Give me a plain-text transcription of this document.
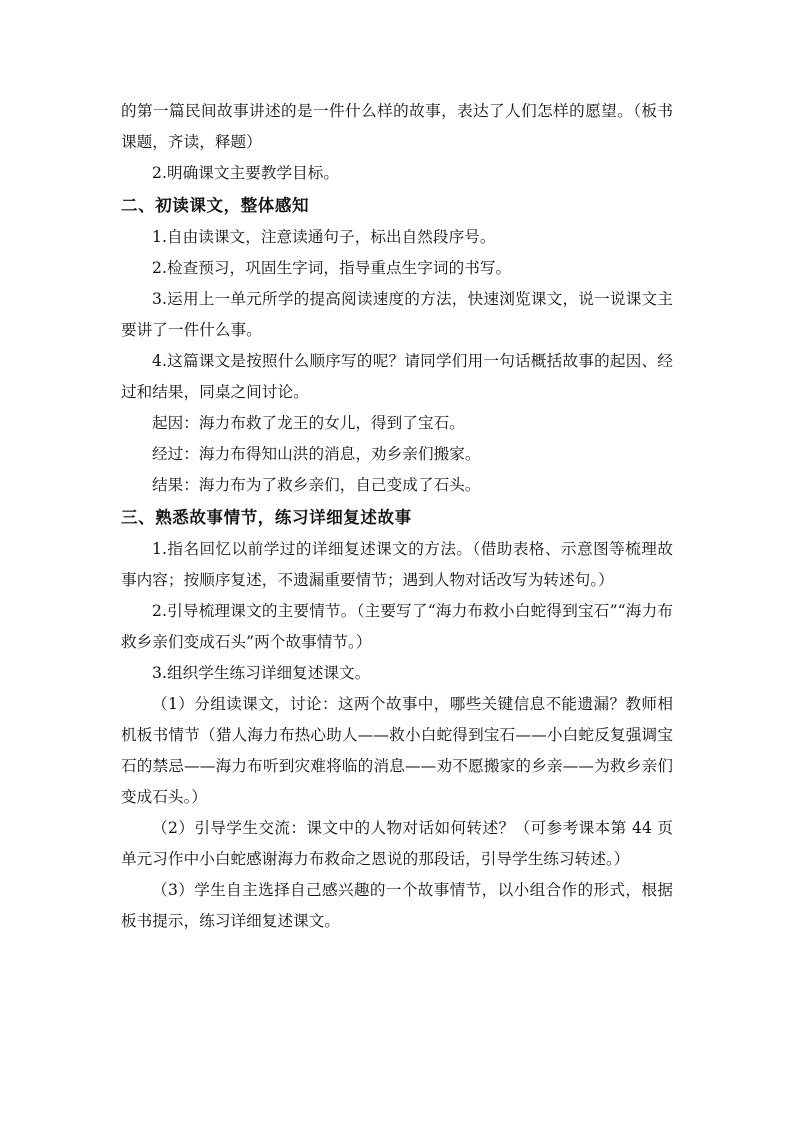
的第一篇民间故事讲述的是一件什么样的故事，表达了人们怎样的愿望。（板书课题，齐读，释题）

2.明确课文主要教学目标。

二、初读课文，整体感知

1.自由读课文，注意读通句子，标出自然段序号。

2.检查预习，巩固生字词，指导重点生字词的书写。

3.运用上一单元所学的提高阅读速度的方法，快速浏览课文，说一说课文主要讲了一件什么事。

4.这篇课文是按照什么顺序写的呢？请同学们用一句话概括故事的起因、经过和结果，同桌之间讨论。

起因：海力布救了龙王的女儿，得到了宝石。

经过：海力布得知山洪的消息，劝乡亲们搬家。

结果：海力布为了救乡亲们，自己变成了石头。

三、熟悉故事情节，练习详细复述故事

1.指名回忆以前学过的详细复述课文的方法。（借助表格、示意图等梳理故事内容；按顺序复述，不遗漏重要情节；遇到人物对话改写为转述句。）

2.引导梳理课文的主要情节。（主要写了“海力布救小白蛇得到宝石”“海力布救乡亲们变成石头”两个故事情节。）

3.组织学生练习详细复述课文。

（1）分组读课文，讨论：这两个故事中，哪些关键信息不能遗漏？教师相机板书情节（猎人海力布热心助人——救小白蛇得到宝石——小白蛇反复强调宝石的禁忌——海力布听到灾难将临的消息——劝不愿搬家的乡亲——为救乡亲们变成石头。）

（2）引导学生交流：课文中的人物对话如何转述？（可参考课本第 44 页单元习作中小白蛇感谢海力布救命之恩说的那段话，引导学生练习转述。）

（3）学生自主选择自己感兴趣的一个故事情节，以小组合作的形式，根据板书提示，练习详细复述课文。
